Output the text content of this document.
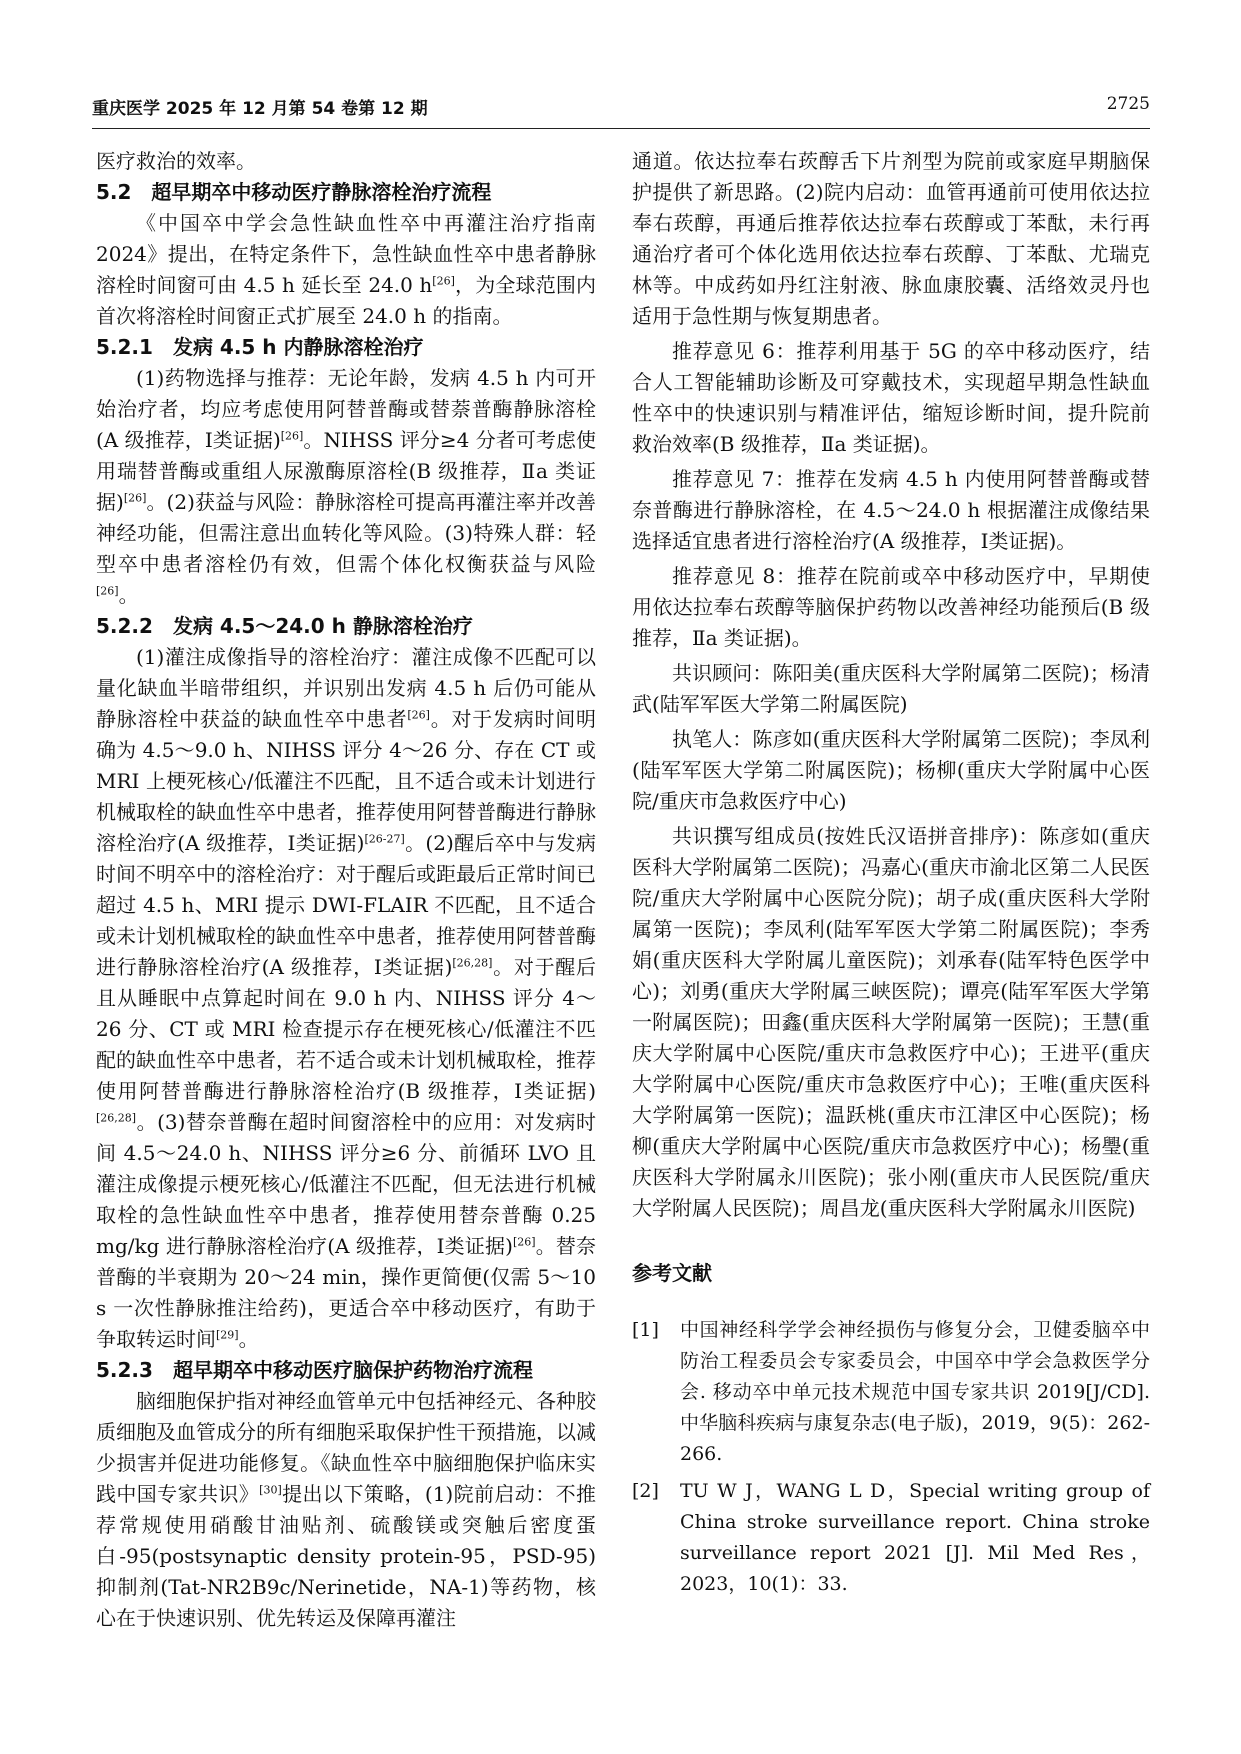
重庆医学 2025 年 12 月第 54 卷第 12 期	2725

医疗救治的效率。

5.2　超早期卒中移动医疗静脉溶栓治疗流程

《中国卒中学会急性缺血性卒中再灌注治疗指南 2024》提出，在特定条件下，急性缺血性卒中患者静脉溶栓时间窗可由 4.5 h 延长至 24.0 h[26]，为全球范围内首次将溶栓时间窗正式扩展至 24.0 h 的指南。

5.2.1　发病 4.5 h 内静脉溶栓治疗

(1)药物选择与推荐：无论年龄，发病 4.5 h 内可开始治疗者，均应考虑使用阿替普酶或替萘普酶静脉溶栓(A 级推荐，Ⅰ类证据)[26]。NIHSS 评分≥4 分者可考虑使用瑞替普酶或重组人尿激酶原溶栓(B 级推荐，Ⅱa 类证据)[26]。(2)获益与风险：静脉溶栓可提高再灌注率并改善神经功能，但需注意出血转化等风险。(3)特殊人群：轻型卒中患者溶栓仍有效，但需个体化权衡获益与风险[26]。

5.2.2　发病 4.5～24.0 h 静脉溶栓治疗

(1)灌注成像指导的溶栓治疗：灌注成像不匹配可以量化缺血半暗带组织，并识别出发病 4.5 h 后仍可能从静脉溶栓中获益的缺血性卒中患者[26]。对于发病时间明确为 4.5～9.0 h、NIHSS 评分 4～26 分、存在 CT 或 MRI 上梗死核心/低灌注不匹配，且不适合或未计划进行机械取栓的缺血性卒中患者，推荐使用阿替普酶进行静脉溶栓治疗(A 级推荐，Ⅰ类证据)[26-27]。(2)醒后卒中与发病时间不明卒中的溶栓治疗：对于醒后或距最后正常时间已超过 4.5 h、MRI 提示 DWI-FLAIR 不匹配，且不适合或未计划机械取栓的缺血性卒中患者，推荐使用阿替普酶进行静脉溶栓治疗(A 级推荐，Ⅰ类证据)[26,28]。对于醒后且从睡眠中点算起时间在 9.0 h 内、NIHSS 评分 4～26 分、CT 或 MRI 检查提示存在梗死核心/低灌注不匹配的缺血性卒中患者，若不适合或未计划机械取栓，推荐使用阿替普酶进行静脉溶栓治疗(B 级推荐，Ⅰ类证据)[26,28]。(3)替奈普酶在超时间窗溶栓中的应用：对发病时间 4.5～24.0 h、NIHSS 评分≥6 分、前循环 LVO 且灌注成像提示梗死核心/低灌注不匹配，但无法进行机械取栓的急性缺血性卒中患者，推荐使用替奈普酶 0.25 mg/kg 进行静脉溶栓治疗(A 级推荐，Ⅰ类证据)[26]。替奈普酶的半衰期为 20～24 min，操作更简便(仅需 5～10 s 一次性静脉推注给药)，更适合卒中移动医疗，有助于争取转运时间[29]。

5.2.3　超早期卒中移动医疗脑保护药物治疗流程

脑细胞保护指对神经血管单元中包括神经元、各种胶质细胞及血管成分的所有细胞采取保护性干预措施，以减少损害并促进功能修复。《缺血性卒中脑细胞保护临床实践中国专家共识》[30]提出以下策略，(1)院前启动：不推荐常规使用硝酸甘油贴剂、硫酸镁或突触后密度蛋白-95(postsynaptic density protein-95，PSD-95)抑制剂(Tat-NR2B9c/Nerinetide，NA-1)等药物，核心在于快速识别、优先转运及保障再灌注

通道。依达拉奉右莰醇舌下片剂型为院前或家庭早期脑保护提供了新思路。(2)院内启动：血管再通前可使用依达拉奉右莰醇，再通后推荐依达拉奉右莰醇或丁苯酞，未行再通治疗者可个体化选用依达拉奉右莰醇、丁苯酞、尤瑞克林等。中成药如丹红注射液、脉血康胶囊、活络效灵丹也适用于急性期与恢复期患者。

推荐意见 6：推荐利用基于 5G 的卒中移动医疗，结合人工智能辅助诊断及可穿戴技术，实现超早期急性缺血性卒中的快速识别与精准评估，缩短诊断时间，提升院前救治效率(B 级推荐，Ⅱa 类证据)。

推荐意见 7：推荐在发病 4.5 h 内使用阿替普酶或替奈普酶进行静脉溶栓，在 4.5～24.0 h 根据灌注成像结果选择适宜患者进行溶栓治疗(A 级推荐，Ⅰ类证据)。

推荐意见 8：推荐在院前或卒中移动医疗中，早期使用依达拉奉右莰醇等脑保护药物以改善神经功能预后(B 级推荐，Ⅱa 类证据)。

共识顾问：陈阳美(重庆医科大学附属第二医院)；杨清武(陆军军医大学第二附属医院)

执笔人：陈彦如(重庆医科大学附属第二医院)；李凤利(陆军军医大学第二附属医院)；杨柳(重庆大学附属中心医院/重庆市急救医疗中心)

共识撰写组成员(按姓氏汉语拼音排序)：陈彦如(重庆医科大学附属第二医院)；冯嘉心(重庆市渝北区第二人民医院/重庆大学附属中心医院分院)；胡子成(重庆医科大学附属第一医院)；李凤利(陆军军医大学第二附属医院)；李秀娟(重庆医科大学附属儿童医院)；刘承春(陆军特色医学中心)；刘勇(重庆大学附属三峡医院)；谭亮(陆军军医大学第一附属医院)；田鑫(重庆医科大学附属第一医院)；王慧(重庆大学附属中心医院/重庆市急救医疗中心)；王进平(重庆大学附属中心医院/重庆市急救医疗中心)；王唯(重庆医科大学附属第一医院)；温跃桃(重庆市江津区中心医院)；杨柳(重庆大学附属中心医院/重庆市急救医疗中心)；杨璺(重庆医科大学附属永川医院)；张小刚(重庆市人民医院/重庆大学附属人民医院)；周昌龙(重庆医科大学附属永川医院)

参考文献
[1]	中国神经科学学会神经损伤与修复分会，卫健委脑卒中防治工程委员会专家委员会，中国卒中学会急救医学分会. 移动卒中单元技术规范中国专家共识 2019[J/CD]. 中华脑科疾病与康复杂志(电子版)，2019，9(5)：262-266.
[2]	TU W J，WANG L D，Special writing group of China stroke surveillance report. China stroke surveillance report 2021 [J]. Mil Med Res，2023，10(1)：33.
